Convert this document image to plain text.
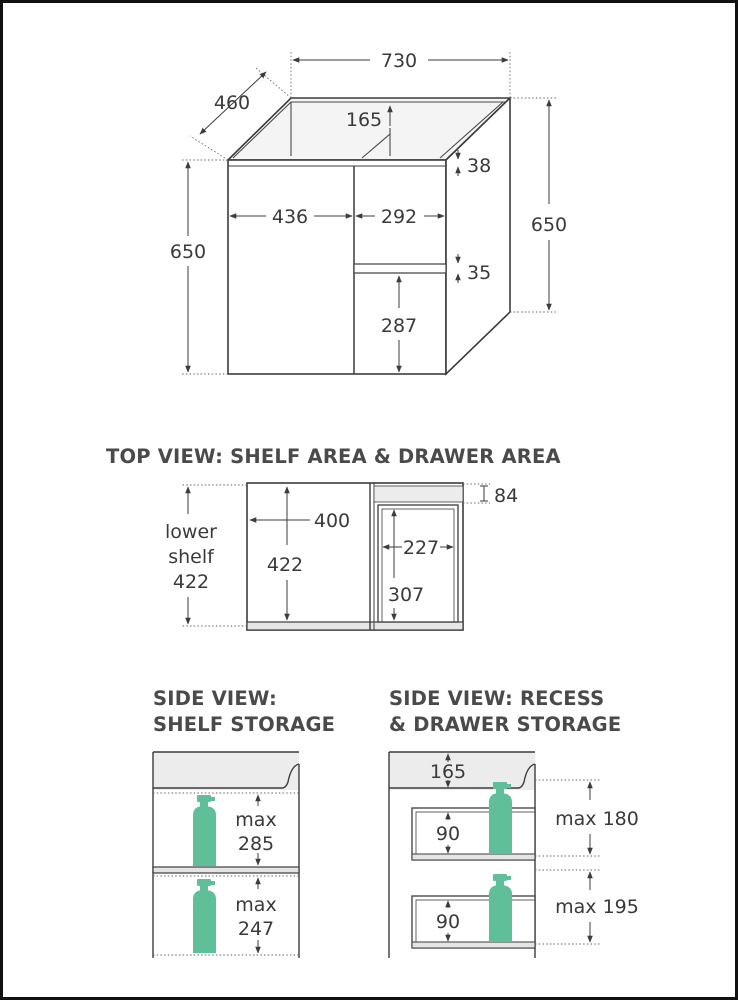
730
460
165
38
650
650
436	292
35
287
TOP VIEW: SHELF AREA & DRAWER AREA
lower
shelf
422
422
400
84
227
307
SIDE VIEW:
SHELF STORAGE
max
285
max
247
SIDE VIEW: RECESS
& DRAWER STORAGE
165
90
90
max 180
max 195
